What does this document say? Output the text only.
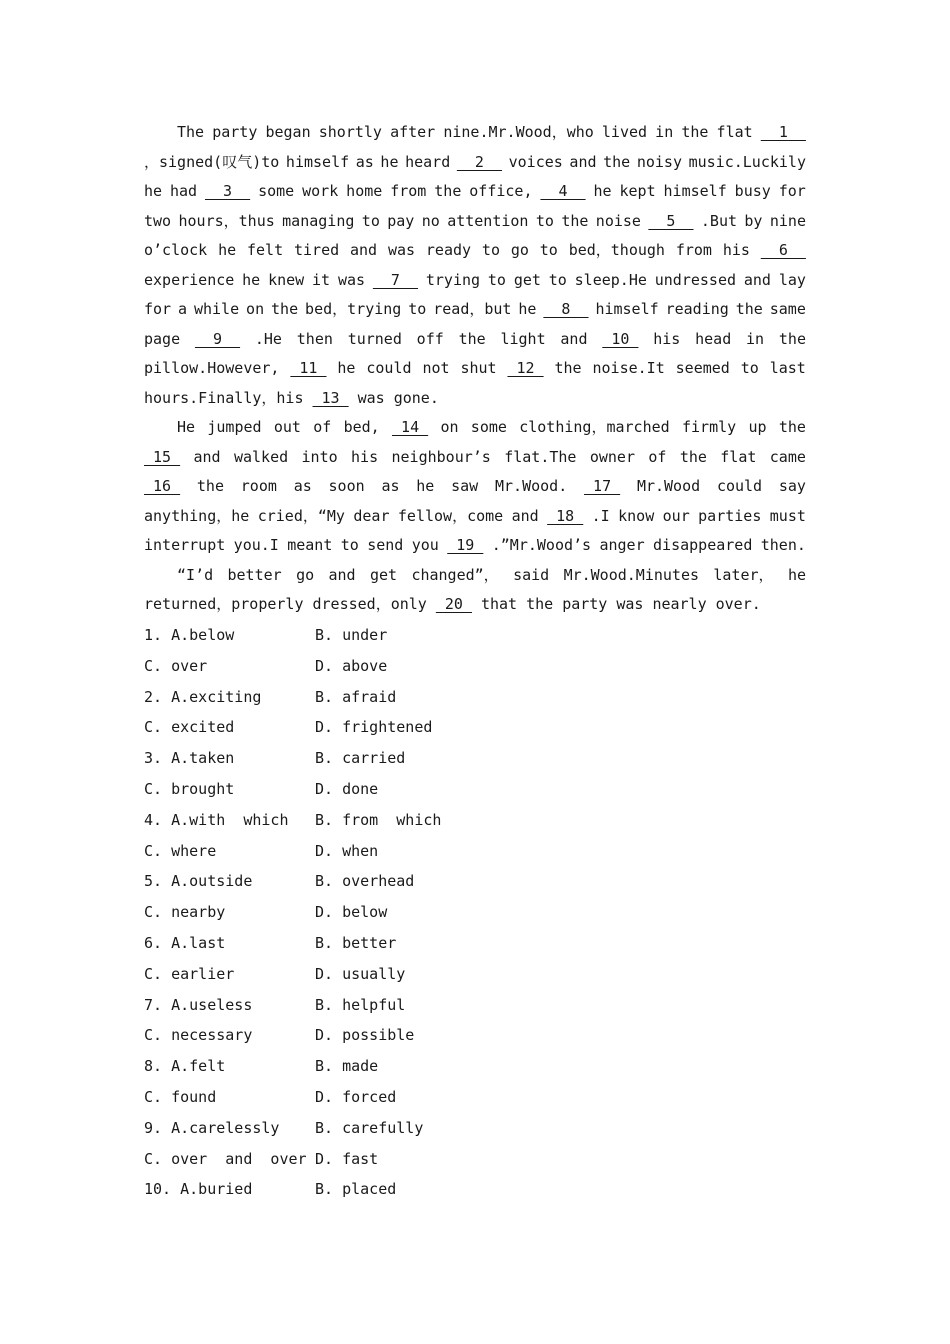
The party began shortly after nine.Mr.Wood，who lived in the flat 1
，signed(叹气)to himself as he heard 2 voices and the noisy music.Luckily
he had 3 some work home from the office, 4 he kept himself busy for
two hours，thus managing to pay no attention to the noise 5 .But by nine
o’clock he felt tired and was ready to go to bed，though from his 6
experience he knew it was 7 trying to get to sleep.He undressed and lay
for a while on the bed，trying to read，but he 8 himself reading the same
page 9 .He then turned off the light and 10 his head in the
pillow.However, 11 he could not shut 12 the noise.It seemed to last
hours.Finally，his 13 was gone.
He jumped out of bed, 14 on some clothing，marched firmly up the
15 and walked into his neighbour’s flat.The owner of the flat came
16 the room as soon as he saw Mr.Wood. 17 Mr.Wood could say
anything，he cried，“My dear fellow，come and 18 .I know our parties must
interrupt you.I meant to send you 19 .”Mr.Wood’s anger disappeared then.
“I’d better go and get changed”， said Mr.Wood.Minutes later， he
returned，properly dressed，only 20 that the party was nearly over.
1. A.below	B. under
C. over	D. above
2. A.exciting	B. afraid
C. excited	D. frightened
3. A.taken	B. carried
C. brought	D. done
4. A.with  which B. from  which
C. where	D. when
5. A.outside	B. overhead
C. nearby	D. below
6. A.last	B. better
C. earlier	D. usually
7. A.useless	B. helpful
C. necessary	D. possible
8. A.felt	B. made
C. found	D. forced
9. A.carelessly B. carefully
C. over  and  over D. fast
10. A.buried	B. placed
